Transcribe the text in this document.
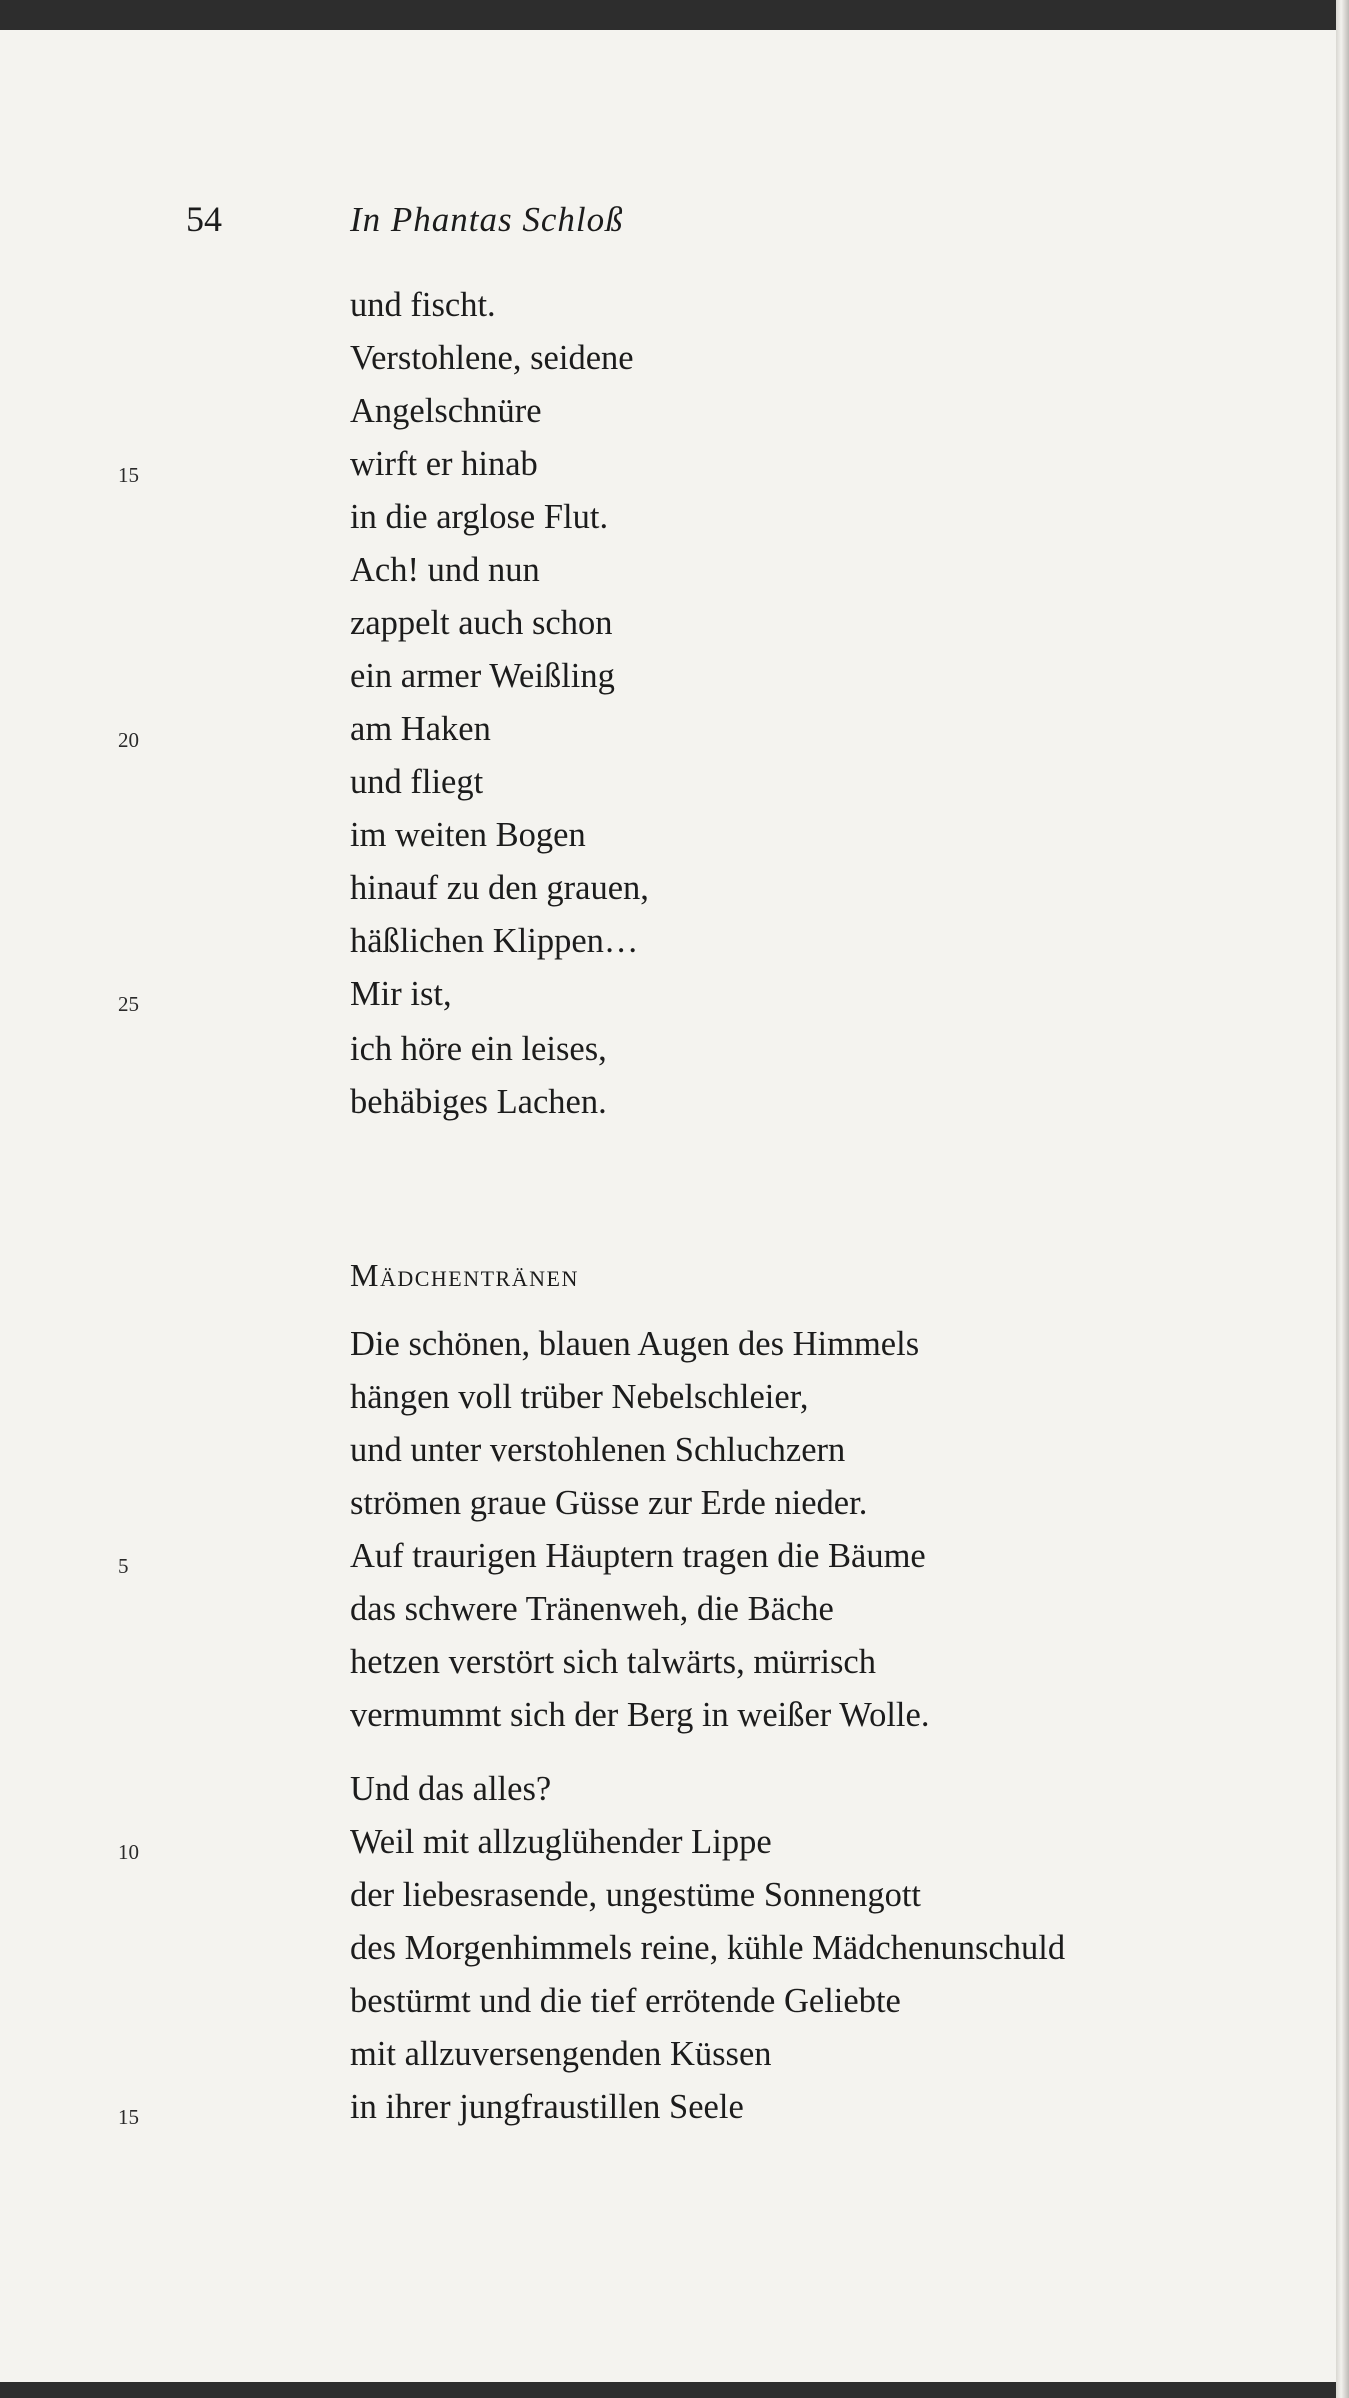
54	In Phantas Schloß
und fischt.
Verstohlene, seidene
Angelschnüre
15	wirft er hinab
in die arglose Flut.
Ach! und nun
zappelt auch schon
ein armer Weißling
20	am Haken
und fliegt
im weiten Bogen
hinauf zu den grauen,
häßlichen Klippen…
25	Mir ist,
ich höre ein leises,
behäbiges Lachen.
Mädchentränen
Die schönen, blauen Augen des Himmels
hängen voll trüber Nebelschleier,
und unter verstohlenen Schluchzern
strömen graue Güsse zur Erde nieder.
5	Auf traurigen Häuptern tragen die Bäume
das schwere Tränenweh, die Bäche
hetzen verstört sich talwärts, mürrisch
vermummt sich der Berg in weißer Wolle.
Und das alles?
10	Weil mit allzuglühender Lippe
der liebesrasende, ungestüme Sonnengott
des Morgenhimmels reine, kühle Mädchenunschuld
bestürmt und die tief errötende Geliebte
mit allzuversengenden Küssen
15	in ihrer jungfraustillen Seele
